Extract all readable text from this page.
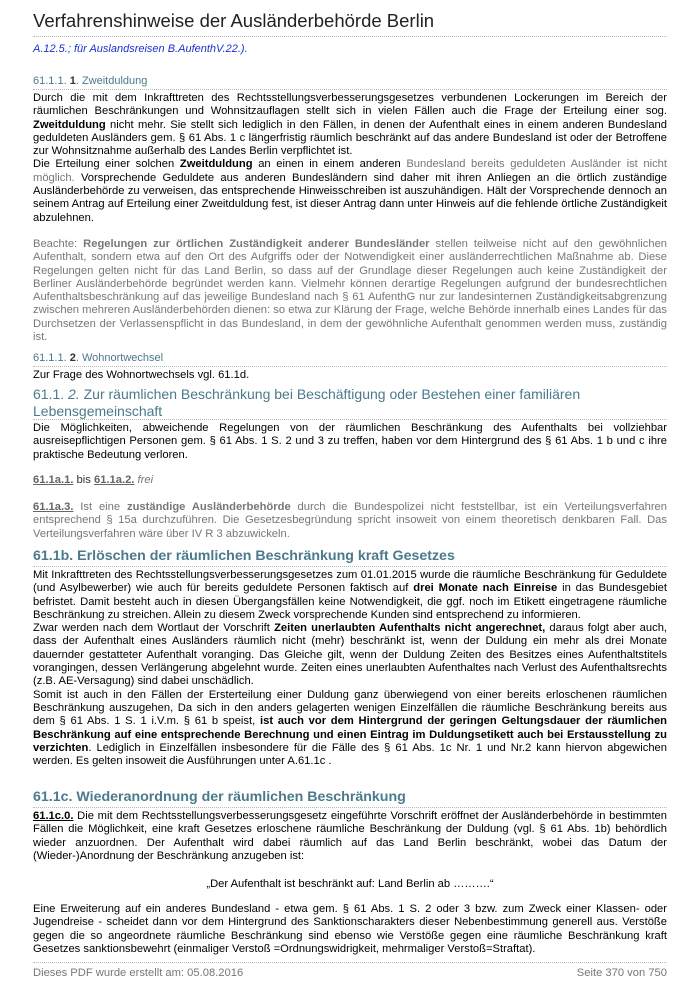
Verfahrenshinweise der Ausländerbehörde Berlin
A.12.5.; für Auslandsreisen B.AufenthV.22.).
61.1.1. 1. Zweitduldung

Durch die mit dem Inkrafttreten des Rechtsstellungsverbesserungsgesetzes verbundenen Lockerungen im Bereich der räumlichen Beschränkungen und Wohnsitzauflagen stellt sich in vielen Fällen auch die Frage der Erteilung einer sog. Zweitduldung nicht mehr. Sie stellt sich lediglich in den Fällen, in denen der Aufenthalt eines in einem anderen Bundesland geduldeten Ausländers gem. § 61 Abs. 1 c längerfristig räumlich beschränkt auf das andere Bundesland ist oder der Betroffene zur Wohnsitznahme außerhalb des Landes Berlin verpflichtet ist.

Die Erteilung einer solchen Zweitduldung an einen in einem anderen Bundesland bereits geduldeten Ausländer ist nicht möglich. Vorsprechende Geduldete aus anderen Bundesländern sind daher mit ihren Anliegen an die örtlich zuständige Ausländerbehörde zu verweisen, das entsprechende Hinweisschreiben ist auszuhändigen. Hält der Vorsprechende dennoch an seinem Antrag auf Erteilung einer Zweitduldung fest, ist dieser Antrag dann unter Hinweis auf die fehlende örtliche Zuständigkeit abzulehnen.

Beachte: Regelungen zur örtlichen Zuständigkeit anderer Bundesländer stellen teilweise nicht auf den gewöhnlichen Aufenthalt, sondern etwa auf den Ort des Aufgriffs oder der Notwendigkeit einer ausländerrechtlichen Maßnahme ab. Diese Regelungen gelten nicht für das Land Berlin, so dass auf der Grundlage dieser Regelungen auch keine Zuständigkeit der Berliner Ausländerbehörde begründet werden kann. Vielmehr können derartige Regelungen aufgrund der bundesrechtlichen Aufenthaltsbeschränkung auf das jeweilige Bundesland nach § 61 AufenthG nur zur landesinternen Zuständigkeitsabgrenzung zwischen mehreren Ausländerbehörden dienen: so etwa zur Klärung der Frage, welche Behörde innerhalb eines Landes für das Durchsetzen der Verlassenspflicht in das Bundesland, in dem der gewöhnliche Aufenthalt genommen werden muss, zuständig ist.

61.1.1. 2. Wohnortwechsel
Zur Frage des Wohnortwechsels vgl. 61.1d.
61.1. 2. Zur räumlichen Beschränkung bei Beschäftigung oder Bestehen einer familiären Lebensgemeinschaft
Die Möglichkeiten, abweichende Regelungen von der räumlichen Beschränkung des Aufenthalts bei vollziehbar ausreisepflichtigen Personen gem. § 61 Abs. 1 S. 2 und 3 zu treffen, haben vor dem Hintergrund des § 61 Abs. 1 b und c ihre praktische Bedeutung verloren.

61.1a.1. bis 61.1a.2. frei

61.1a.3. Ist eine zuständige Ausländerbehörde durch die Bundespolizei nicht feststellbar, ist ein Verteilungsverfahren entsprechend § 15a durchzuführen. Die Gesetzesbegründung spricht insoweit von einem theoretisch denkbaren Fall. Das Verteilungsverfahren wäre über IV R 3 abzuwickeln.

61.1b. Erlöschen der räumlichen Beschränkung kraft Gesetzes

Mit Inkrafttreten des Rechtsstellungsverbesserungsgesetzes zum 01.01.2015 wurde die räumliche Beschränkung für Geduldete (und Asylbewerber) wie auch für bereits geduldete Personen faktisch auf drei Monate nach Einreise in das Bundesgebiet befristet. Damit besteht auch in diesen Übergangsfällen keine Notwendigkeit, die ggf. noch im Etikett eingetragene räumliche Beschränkung zu streichen. Allein zu diesem Zweck vorsprechende Kunden sind entsprechend zu informieren.

Zwar werden nach dem Wortlaut der Vorschrift Zeiten unerlaubten Aufenthalts nicht angerechnet, daraus folgt aber auch, dass der Aufenthalt eines Ausländers räumlich nicht (mehr) beschränkt ist, wenn der Duldung ein mehr als drei Monate dauernder gestatteter Aufenthalt voranging. Das Gleiche gilt, wenn der Duldung Zeiten des Besitzes eines Aufenthaltstitels vorangingen, dessen Verlängerung abgelehnt wurde. Zeiten eines unerlaubten Aufenthaltes nach Verlust des Aufenthaltsrechts (z.B. AE-Versagung) sind dabei unschädlich.

Somit ist auch in den Fällen der Ersterteilung einer Duldung ganz überwiegend von einer bereits erloschenen räumlichen Beschränkung auszugehen, Da sich in den anders gelagerten wenigen Einzelfällen die räumliche Beschränkung bereits aus dem § 61 Abs. 1 S. 1 i.V.m. § 61 b speist, ist auch vor dem Hintergrund der geringen Geltungsdauer der räumlichen Beschränkung auf eine entsprechende Berechnung und einen Eintrag im Duldungsetikett auch bei Erstausstellung zu verzichten. Lediglich in Einzelfällen insbesondere für die Fälle des § 61 Abs. 1c Nr. 1 und Nr.2 kann hiervon abgewichen werden. Es gelten insoweit die Ausführungen unter A.61.1c .

61.1c. Wiederanordnung der räumlichen Beschränkung

61.1c.0. Die mit dem Rechtsstellungsverbesserungsgesetz eingeführte Vorschrift eröffnet der Ausländerbehörde in bestimmten Fällen die Möglichkeit, eine kraft Gesetzes erloschene räumliche Beschränkung der Duldung (vgl. § 61 Abs. 1b) behördlich wieder anzuordnen. Der Aufenthalt wird dabei räumlich auf das Land Berlin beschränkt, wobei das Datum der (Wieder-)Anordnung der Beschränkung anzugeben ist:

„Der Aufenthalt ist beschränkt auf: Land Berlin ab ……….“
Eine Erweiterung auf ein anderes Bundesland - etwa gem. § 61 Abs. 1 S. 2 oder 3 bzw. zum Zweck einer Klassen- oder Jugendreise - scheidet dann vor dem Hintergrund des Sanktionscharakters dieser Nebenbestimmung generell aus. Verstöße gegen die so angeordnete räumliche Beschränkung sind ebenso wie Verstöße gegen eine räumliche Beschränkung kraft Gesetzes sanktionsbewehrt (einmaliger Verstoß =Ordnungswidrigkeit, mehrmaliger Verstoß=Straftat).
Dieses PDF wurde erstellt am: 05.08.2016	Seite 370 von 750
